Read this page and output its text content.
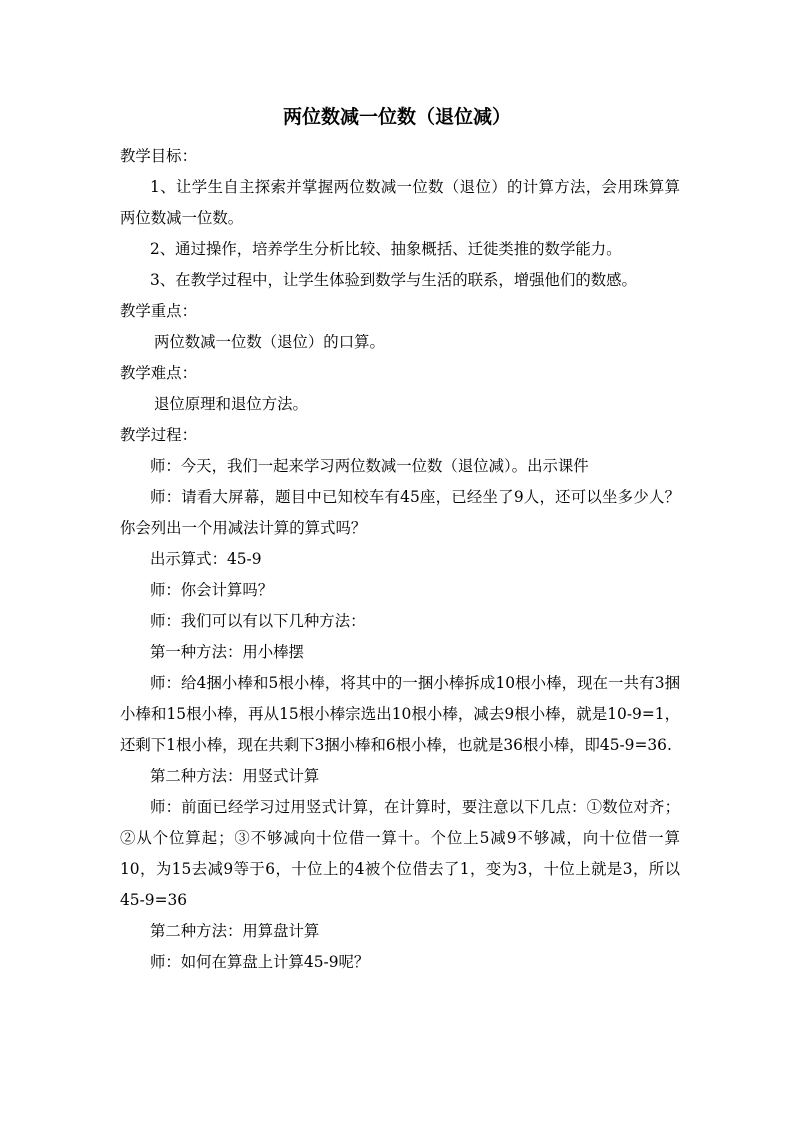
两位数减一位数（退位减）

教学目标：

1、让学生自主探索并掌握两位数减一位数（退位）的计算方法，会用珠算算两位数减一位数。

2、通过操作，培养学生分析比较、抽象概括、迁徙类推的数学能力。

3、在教学过程中，让学生体验到数学与生活的联系，增强他们的数感。

教学重点：

两位数减一位数（退位）的口算。

教学难点：

退位原理和退位方法。

教学过程：

师：今天，我们一起来学习两位数减一位数（退位减）。出示课件

师：请看大屏幕，题目中已知校车有45座，已经坐了9人，还可以坐多少人？你会列出一个用减法计算的算式吗？

出示算式：45-9

师：你会计算吗？

师：我们可以有以下几种方法：

第一种方法：用小棒摆

师：给4捆小棒和5根小棒，将其中的一捆小棒拆成10根小棒，现在一共有3捆小棒和15根小棒，再从15根小棒宗选出10根小棒，减去9根小棒，就是10-9=1，还剩下1根小棒，现在共剩下3捆小棒和6根小棒，也就是36根小棒，即45-9=36.

第二种方法：用竖式计算

师：前面已经学习过用竖式计算，在计算时，要注意以下几点：①数位对齐；②从个位算起；③不够减向十位借一算十。个位上5减9不够减，向十位借一算10，为15去减9等于6，十位上的4被个位借去了1，变为3，十位上就是3，所以45-9=36

第二种方法：用算盘计算

师：如何在算盘上计算45-9呢？
